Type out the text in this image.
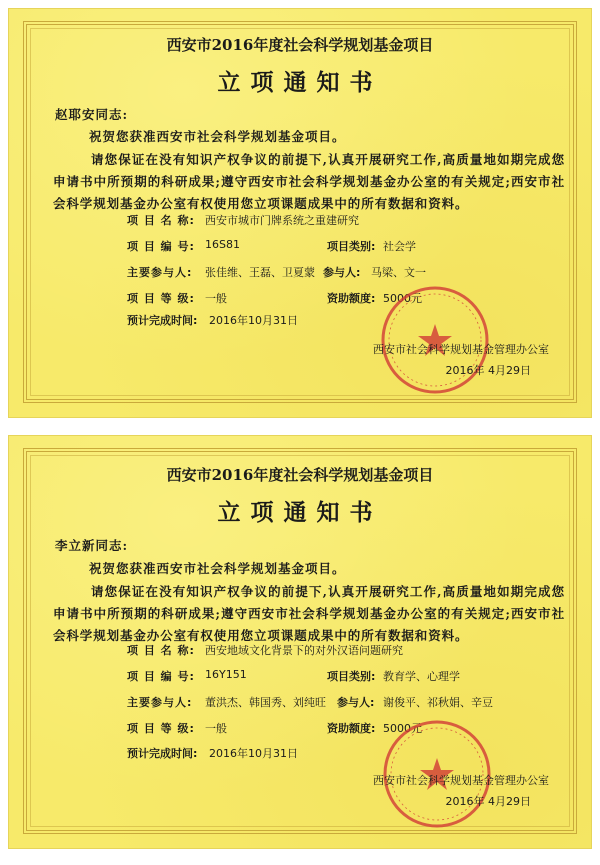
西安市2016年度社会科学规划基金项目
立项通知书
赵耶安同志:
祝贺您获准西安市社会科学规划基金项目。
请您保证在没有知识产权争议的前提下,认真开展研究工作,高质量地如期完成您申请书中所预期的科研成果;遵守西安市社会科学规划基金办公室的有关规定;西安市社会科学规划基金办公室有权使用您立项课题成果中的所有数据和资料。
项 目 名 称: 西安市城市门牌系统之重建研究
项 目 编 号: 16S81	项目类别: 社会学
主要参与人: 张佳维、王磊、卫夏蒙 参与人: 马梁、文一
项 目 等 级: 一般	资助额度: 5000元
预计完成时间: 2016年10月31日
西安市社会科学规划基金管理办公室
2016年 4月29日
西安市2016年度社会科学规划基金项目
立项通知书
李立新同志:
祝贺您获准西安市社会科学规划基金项目。
请您保证在没有知识产权争议的前提下,认真开展研究工作,高质量地如期完成您申请书中所预期的科研成果;遵守西安市社会科学规划基金办公室的有关规定;西安市社会科学规划基金办公室有权使用您立项课题成果中的所有数据和资料。
项 目 名 称: 西安地域文化背景下的对外汉语问题研究
项 目 编 号: 16Y151	项目类别: 教育学、心理学
主要参与人: 董洪杰、韩国秀、刘纯旺 参与人: 谢俊平、祁秋娟、辛豆
项 目 等 级: 一般	资助额度: 5000元
预计完成时间: 2016年10月31日
西安市社会科学规划基金管理办公室
2016年 4月29日
